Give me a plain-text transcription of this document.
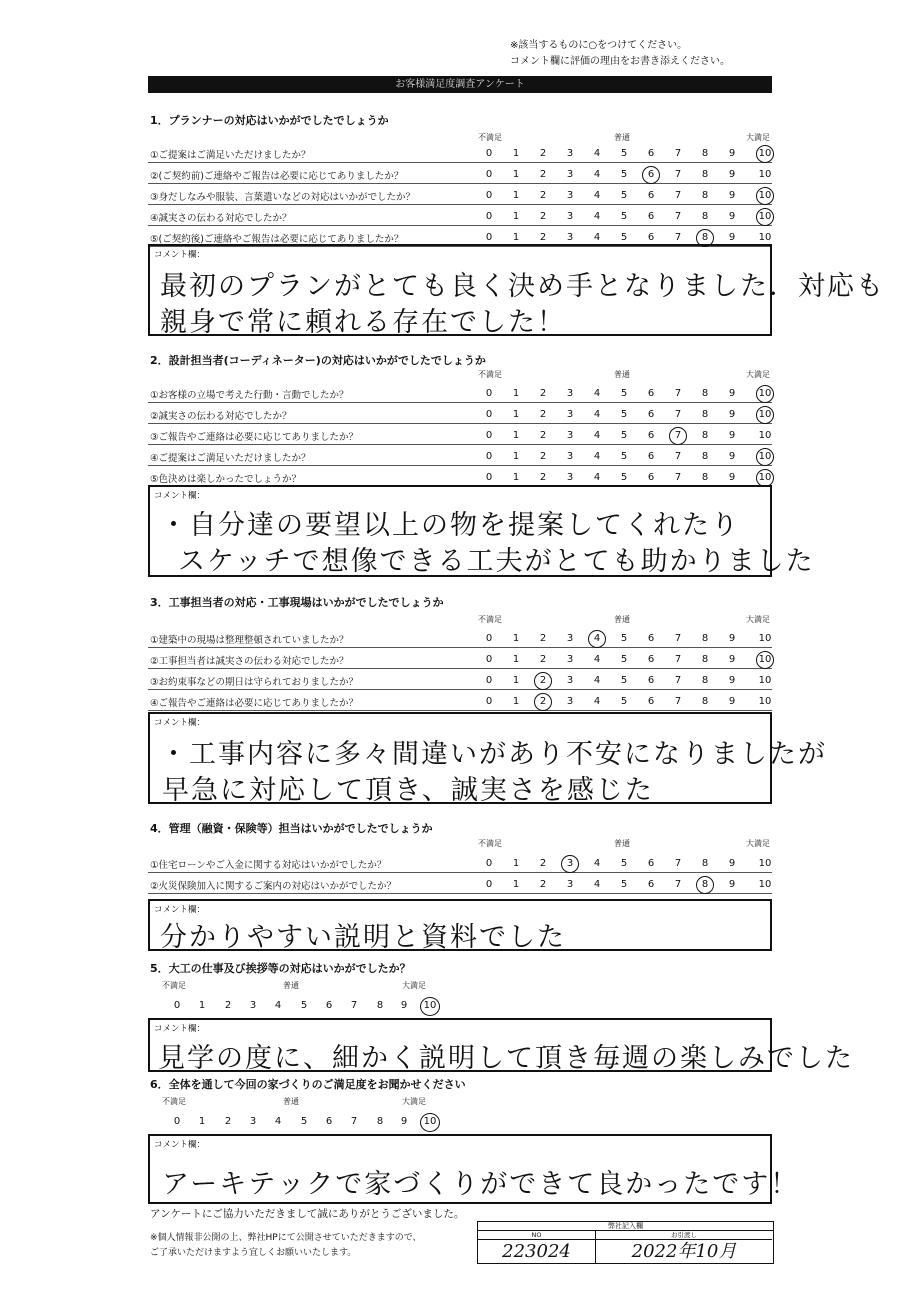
※該当するものに○をつけてください。
コメント欄に評価の理由をお書き添えください。
お客様満足度調査アンケート
1．プランナーの対応はいかがでしたでしょうか
不満足	普通	大満足
①ご提案はご満足いただけましたか？	0	1	2	3	4	5	6	7	8	9	10
②(ご契約前)ご連絡やご報告は必要に応じてありましたか？	0	1	2	3	4	5	6	7	8	9	10
③身だしなみや服装、言葉遣いなどの対応はいかがでしたか？	0	1	2	3	4	5	6	7	8	9	10
④誠実さの伝わる対応でしたか？	0	1	2	3	4	5	6	7	8	9	10
⑤(ご契約後)ご連絡やご報告は必要に応じてありましたか？	0	1	2	3	4	5	6	7	8	9	10
コメント欄：
最初のプランがとても良く決め手となりました．対応も
親身で常に頼れる存在でした！
2．設計担当者(コーディネーター)の対応はいかがでしたでしょうか
不満足	普通	大満足
①お客様の立場で考えた行動・言動でしたか？	0	1	2	3	4	5	6	7	8	9	10
②誠実さの伝わる対応でしたか？	0	1	2	3	4	5	6	7	8	9	10
③ご報告やご連絡は必要に応じてありましたか？	0	1	2	3	4	5	6	7	8	9	10
④ご提案はご満足いただけましたか？	0	1	2	3	4	5	6	7	8	9	10
⑤色決めは楽しかったでしょうか？	0	1	2	3	4	5	6	7	8	9	10
コメント欄：
・自分達の要望以上の物を提案してくれたり
スケッチで想像できる工夫がとても助かりました
3．工事担当者の対応・工事現場はいかがでしたでしょうか
不満足	普通	大満足
①建築中の現場は整理整頓されていましたか？	0	1	2	3	4	5	6	7	8	9	10
②工事担当者は誠実さの伝わる対応でしたか？	0	1	2	3	4	5	6	7	8	9	10
③お約束事などの期日は守られておりましたか？	0	1	2	3	4	5	6	7	8	9	10
④ご報告やご連絡は必要に応じてありましたか？	0	1	2	3	4	5	6	7	8	9	10
コメント欄：
・工事内容に多々間違いがあり不安になりましたが
早急に対応して頂き、誠実さを感じた
4．管理（融資・保険等）担当はいかがでしたでしょうか
不満足	普通	大満足
①住宅ローンやご入金に関する対応はいかがでしたか？	0	1	2	3	4	5	6	7	8	9	10
②火災保険加入に関するご案内の対応はいかがでしたか？	0	1	2	3	4	5	6	7	8	9	10
コメント欄：
分かりやすい説明と資料でした
5．大工の仕事及び挨拶等の対応はいかがでしたか？
不満足	普通	大満足
0	1	2	3	4	5	6	7	8	9	10
コメント欄：
見学の度に、細かく説明して頂き毎週の楽しみでした
6．全体を通して今回の家づくりのご満足度をお聞かせください
不満足	普通	大満足
0	1	2	3	4	5	6	7	8	9	10
コメント欄：
アーキテックで家づくりができて良かったです！
アンケートにご協力いただきまして誠にありがとうございました。
※個人情報非公開の上、弊社HPにて公開させていただきますので、
ご了承いただけますよう宜しくお願いいたします。
弊社記入欄
NO	お引渡し
223024	2022年10月
